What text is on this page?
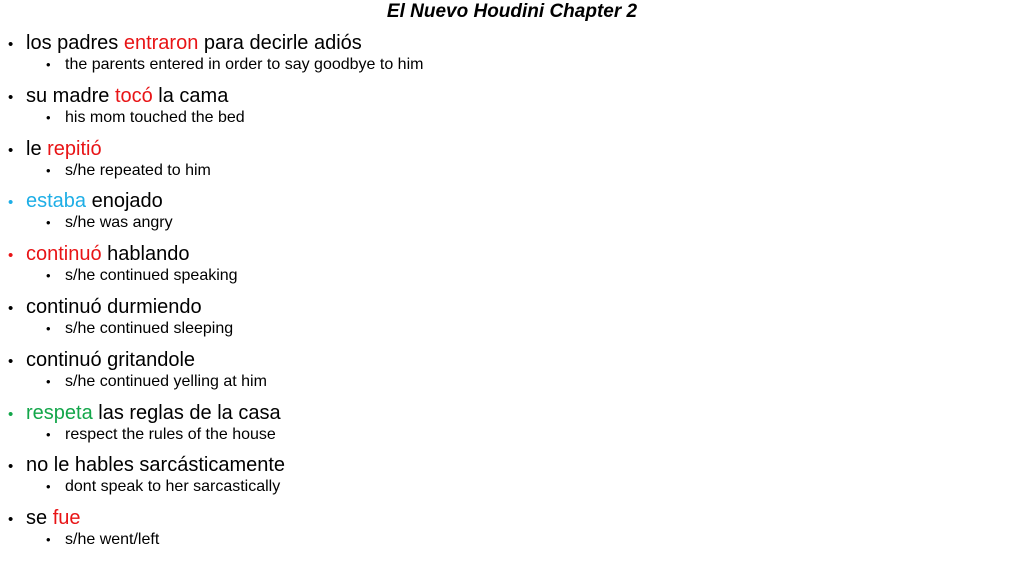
El Nuevo Houdini Chapter 2
• los padres entraron para decirle adiós
• the parents entered in order to say goodbye to him
• su madre tocó la cama
• his mom touched the bed
• le repitió
• s/he repeated to him
• estaba enojado
• s/he was angry
• continuó hablando
• s/he continued speaking
• continuó durmiendo
• s/he continued sleeping
• continuó gritandole
• s/he continued yelling at him
• respeta las reglas de la casa
• respect the rules of the house
• no le hables sarcásticamente
• dont speak to her sarcastically
• se fue
• s/he went/left
